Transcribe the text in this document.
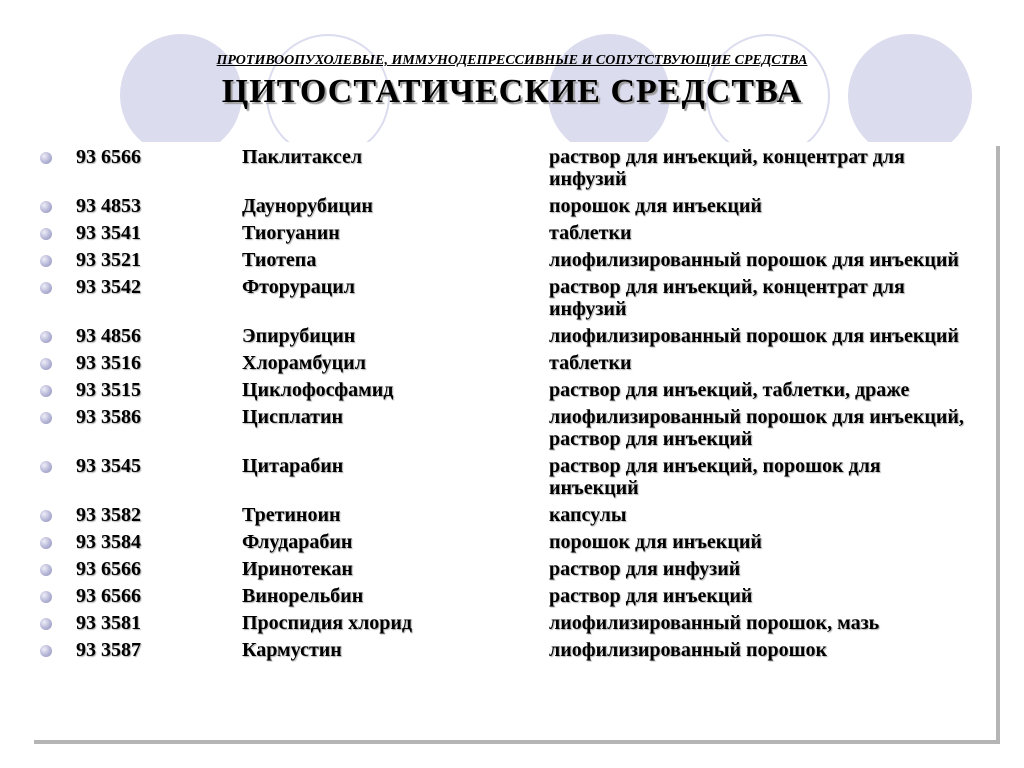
ПРОТИВООПУХОЛЕВЫЕ, ИММУНОДЕПРЕССИВНЫЕ И СОПУТСТВУЮЩИЕ СРЕДСТВА
ЦИТОСТАТИЧЕСКИЕ СРЕДСТВА
93 6566	Паклитаксел	раствор для инъекций, концентрат для инфузий
93 4853	Даунорубицин	порошок для инъекций
93 3541	Тиогуанин	таблетки
93 3521	Тиотепа	лиофилизированный порошок для инъекций
93 3542	Фторурацил	раствор для инъекций, концентрат для инфузий
93 4856	Эпирубицин	лиофилизированный порошок для инъекций
93 3516	Хлорамбуцил	таблетки
93 3515	Циклофосфамид	раствор для инъекций, таблетки, драже
93 3586	Цисплатин	лиофилизированный порошок для инъекций, раствор для инъекций
93 3545	Цитарабин	раствор для инъекций, порошок для инъекций
93 3582	Третиноин	капсулы
93 3584	Флударабин	порошок для инъекций
93 6566	Иринотекан	раствор для инфузий
93 6566	Винорельбин	раствор для инъекций
93 3581	Проспидия хлорид	лиофилизированный порошок, мазь
93 3587	Кармустин	лиофилизированный порошок
